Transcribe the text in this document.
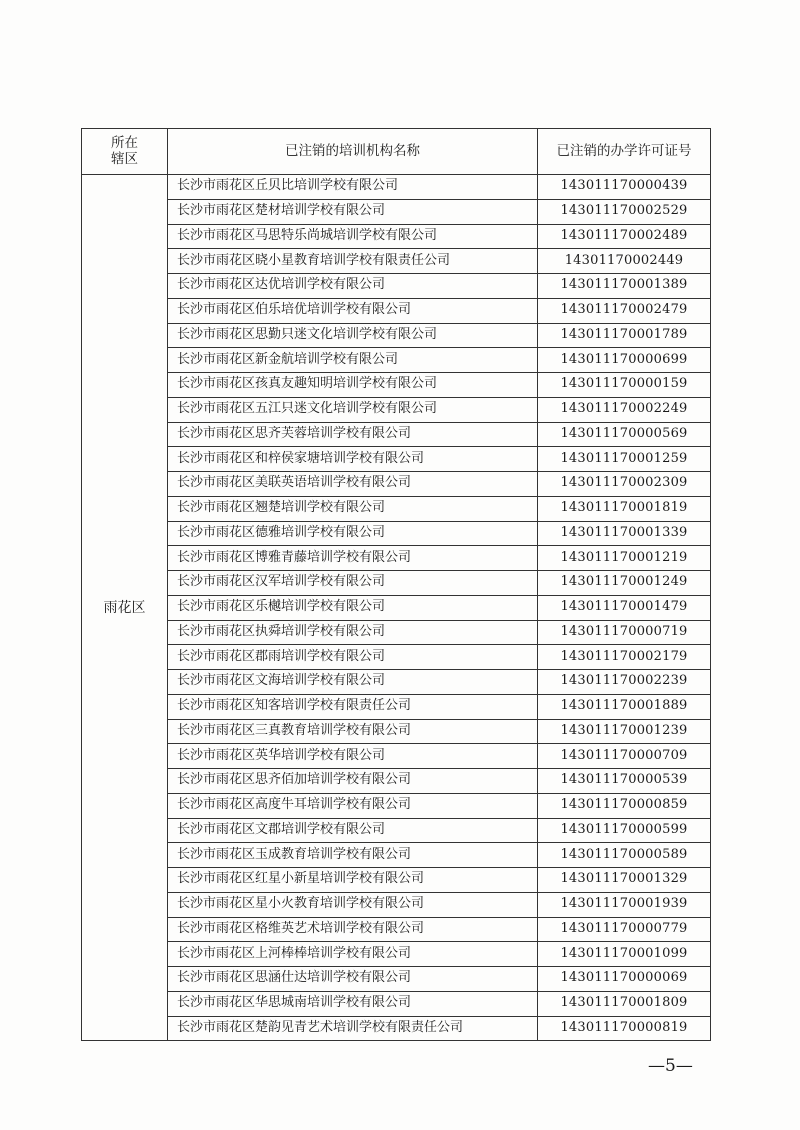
所在
辖区	已注销的培训机构名称	已注销的办学许可证号
雨花区	长沙市雨花区丘贝比培训学校有限公司	143011170000439
	长沙市雨花区楚材培训学校有限公司	143011170002529
	长沙市雨花区马思特乐尚城培训学校有限公司	143011170002489
	长沙市雨花区晓小星教育培训学校有限责任公司	14301170002449
	长沙市雨花区达优培训学校有限公司	143011170001389
	长沙市雨花区伯乐培优培训学校有限公司	143011170002479
	长沙市雨花区思勤只迷文化培训学校有限公司	143011170001789
	长沙市雨花区新金航培训学校有限公司	143011170000699
	长沙市雨花区孩真友趣知明培训学校有限公司	143011170000159
	长沙市雨花区五江只迷文化培训学校有限公司	143011170002249
	长沙市雨花区思齐芙蓉培训学校有限公司	143011170000569
	长沙市雨花区和梓侯家塘培训学校有限公司	143011170001259
	长沙市雨花区美联英语培训学校有限公司	143011170002309
	长沙市雨花区翘楚培训学校有限公司	143011170001819
	长沙市雨花区德雅培训学校有限公司	143011170001339
	长沙市雨花区博雅青藤培训学校有限公司	143011170001219
	长沙市雨花区汉军培训学校有限公司	143011170001249
	长沙市雨花区乐樾培训学校有限公司	143011170001479
	长沙市雨花区执舜培训学校有限公司	143011170000719
	长沙市雨花区郡雨培训学校有限公司	143011170002179
	长沙市雨花区文海培训学校有限公司	143011170002239
	长沙市雨花区知客培训学校有限责任公司	143011170001889
	长沙市雨花区三真教育培训学校有限公司	143011170001239
	长沙市雨花区英华培训学校有限公司	143011170000709
	长沙市雨花区思齐佰加培训学校有限公司	143011170000539
	长沙市雨花区高度牛耳培训学校有限公司	143011170000859
	长沙市雨花区文郡培训学校有限公司	143011170000599
	长沙市雨花区玉成教育培训学校有限公司	143011170000589
	长沙市雨花区红星小新星培训学校有限公司	143011170001329
	长沙市雨花区星小火教育培训学校有限公司	143011170001939
	长沙市雨花区格维英艺术培训学校有限公司	143011170000779
	长沙市雨花区上河棒棒培训学校有限公司	143011170001099
	长沙市雨花区思涵仕达培训学校有限公司	143011170000069
	长沙市雨花区华思城南培训学校有限公司	143011170001809
	长沙市雨花区楚韵见青艺术培训学校有限责任公司	143011170000819
—5—
